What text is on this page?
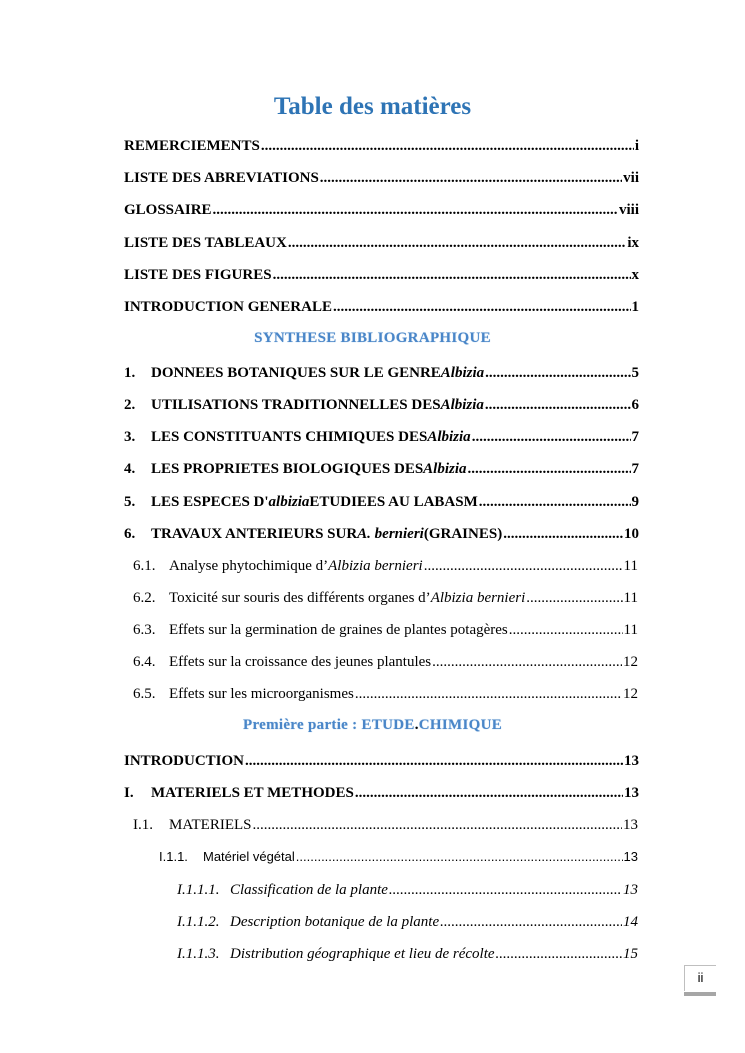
Table des matières
REMERCIEMENTS .....	i
LISTE DES ABREVIATIONS .....	vii
GLOSSAIRE .....	viii
LISTE DES TABLEAUX .....	ix
LISTE DES FIGURES .....	x
INTRODUCTION GENERALE .....	1
SYNTHESE BIBLIOGRAPHIQUE
1.	DONNEES BOTANIQUES SUR LE GENRE Albizia .....	5
2.	UTILISATIONS TRADITIONNELLES DES Albizia .....	6
3.	LES CONSTITUANTS CHIMIQUES DES Albizia .....	7
4.	LES PROPRIETES BIOLOGIQUES DES Albizia .....	7
5.	LES ESPECES D' albizia ETUDIEES AU LABASM .....	9
6.	TRAVAUX ANTERIEURS SUR A. bernieri (GRAINES) .....	10
6.1. Analyse phytochimique d’ Albizia bernieri .....	11
6.2. Toxicité sur souris des différents organes d’ Albizia bernieri .....	11
6.3. Effets sur la germination de graines de plantes potagères .....	11
6.4. Effets sur la croissance des jeunes plantules .....	12
6.5. Effets sur les microorganismes .....	12
Première partie : ETUDE.CHIMIQUE
INTRODUCTION .....	13
I.	MATERIELS ET METHODES .....	13
I.1.	MATERIELS .....	13
I.1.1.	Matériel végétal .....	13
I.1.1.1. Classification de la plante .....	13
I.1.1.2. Description botanique de la plante .....	14
I.1.1.3. Distribution géographique et lieu de récolte .....	15
ii
